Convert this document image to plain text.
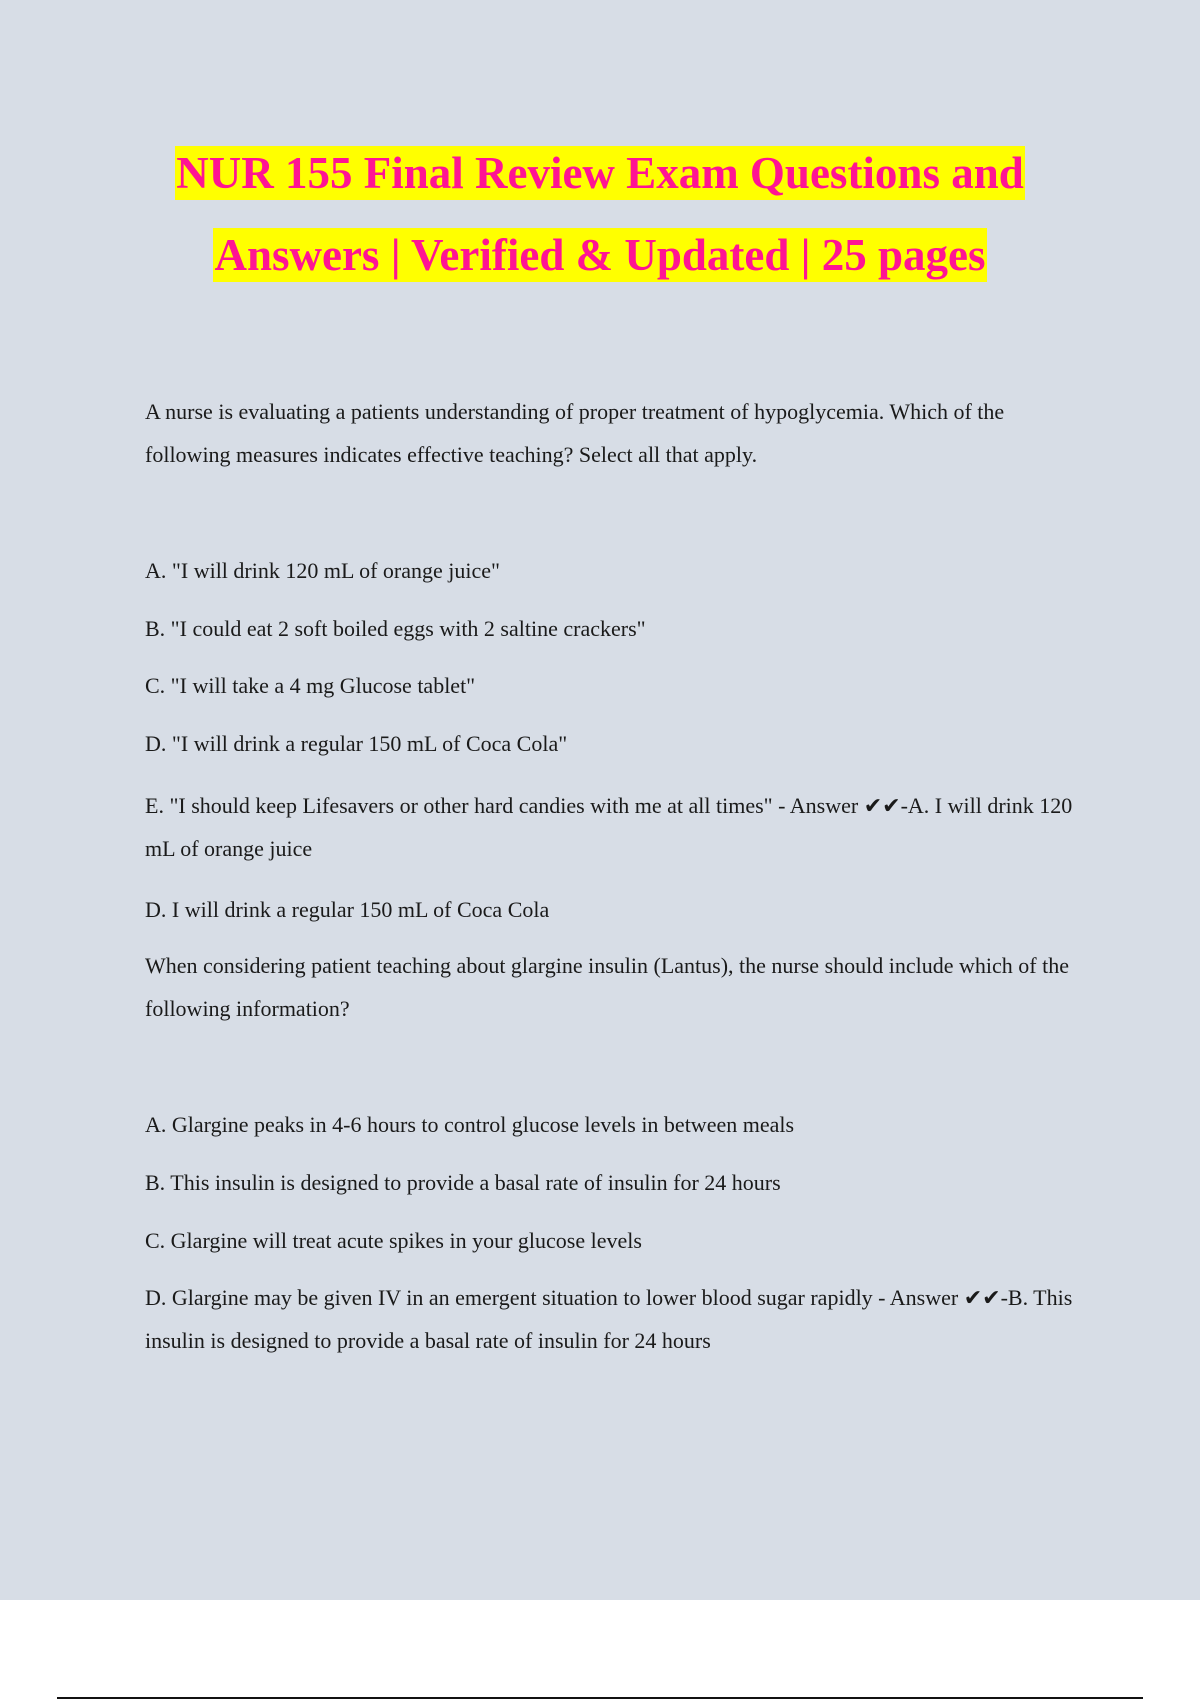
NUR 155 Final Review Exam Questions and
Answers | Verified & Updated | 25 pages
A nurse is evaluating a patients understanding of proper treatment of hypoglycemia. Which of the following measures indicates effective teaching? Select all that apply.
A. "I will drink 120 mL of orange juice"
B. "I could eat 2 soft boiled eggs with 2 saltine crackers"
C. "I will take a 4 mg Glucose tablet"
D. "I will drink a regular 150 mL of Coca Cola"
E. "I should keep Lifesavers or other hard candies with me at all times" - Answer ✔✔-A. I will drink 120 mL of orange juice
D. I will drink a regular 150 mL of Coca Cola
When considering patient teaching about glargine insulin (Lantus), the nurse should include which of the following information?
A. Glargine peaks in 4-6 hours to control glucose levels in between meals
B. This insulin is designed to provide a basal rate of insulin for 24 hours
C. Glargine will treat acute spikes in your glucose levels
D. Glargine may be given IV in an emergent situation to lower blood sugar rapidly - Answer ✔✔-B. This insulin is designed to provide a basal rate of insulin for 24 hours
